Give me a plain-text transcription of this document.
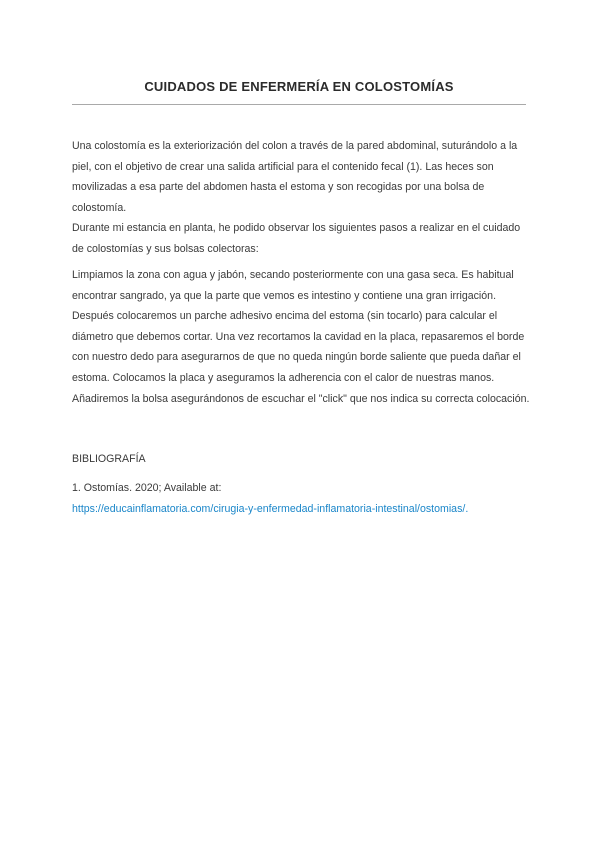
CUIDADOS DE ENFERMERÍA EN COLOSTOMÍAS

Una colostomía es la exteriorización del colon a través de la pared abdominal, suturándolo a la piel, con el objetivo de crear una salida artificial para el contenido fecal (1). Las heces son movilizadas a esa parte del abdomen hasta el estoma y son recogidas por una bolsa de colostomía.

Durante mi estancia en planta, he podido observar los siguientes pasos a realizar en el cuidado de colostomías y sus bolsas colectoras:

Limpiamos la zona con agua y jabón, secando posteriormente con una gasa seca. Es habitual encontrar sangrado, ya que la parte que vemos es intestino y contiene una gran irrigación. Después colocaremos un parche adhesivo encima del estoma (sin tocarlo) para calcular el diámetro que debemos cortar. Una vez recortamos la cavidad en la placa, repasaremos el borde con nuestro dedo para asegurarnos de que no queda ningún borde saliente que pueda dañar el estoma. Colocamos la placa y aseguramos la adherencia con el calor de nuestras manos. Añadiremos la bolsa asegurándonos de escuchar el "click" que nos indica su correcta colocación.

BIBLIOGRAFÍA

1. Ostomías. 2020; Available at:
https://educainflamatoria.com/cirugia-y-enfermedad-inflamatoria-intestinal/ostomias/.
